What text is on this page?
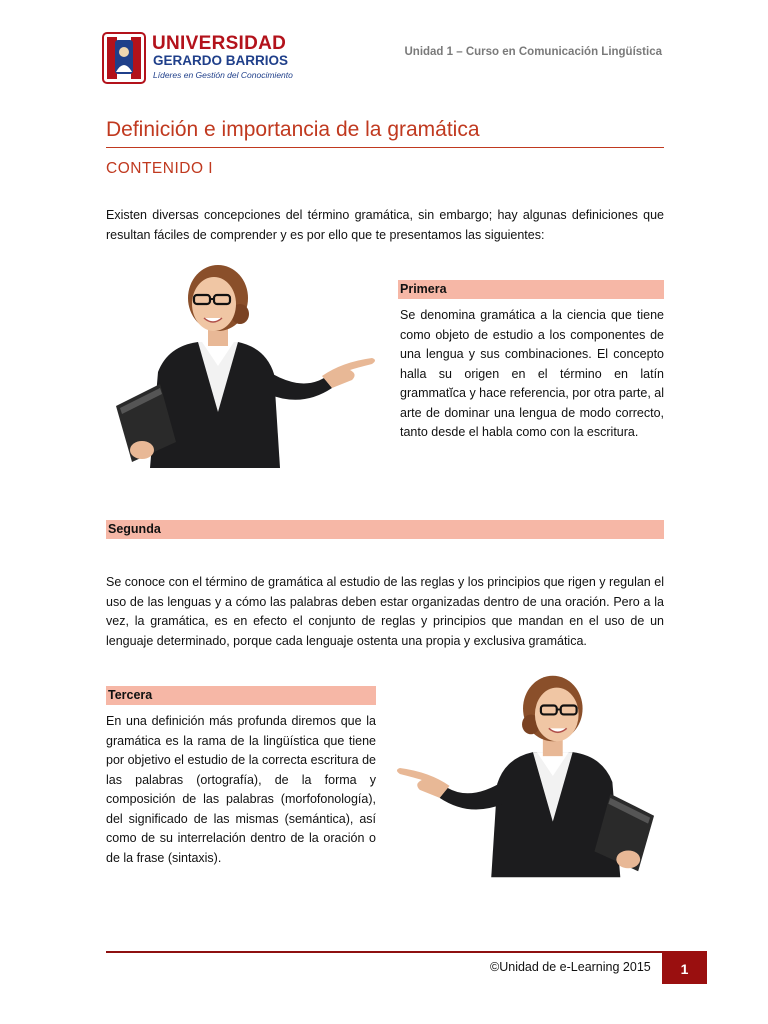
UNIVERSIDAD
GERARDO BARRIOS
Líderes en Gestión del Conocimiento
Unidad 1 – Curso en Comunicación Lingüística
Definición e importancia de la gramática
CONTENIDO I
Existen diversas concepciones del término gramática, sin embargo; hay algunas definiciones que resultan fáciles de comprender y es por ello que te presentamos las siguientes:
Primera
Se denomina gramática a la ciencia que tiene como objeto de estudio a los componentes de una lengua y sus combinaciones. El concepto halla su origen en el término en latín grammatĭca y hace referencia, por otra parte, al arte de dominar una lengua de modo correcto, tanto desde el habla como con la escritura.
Segunda
Se conoce con el término de gramática al estudio de las reglas y los principios que rigen y regulan el uso de las lenguas y a cómo las palabras deben estar organizadas dentro de una oración. Pero a la vez, la gramática, es en efecto el conjunto de reglas y principios que mandan en el uso de un lenguaje determinado, porque cada lenguaje ostenta una propia y exclusiva gramática.
Tercera
En una definición más profunda diremos que la gramática es la rama de la lingüística que tiene por objetivo el estudio de la correcta escritura de las palabras (ortografía), de la forma y composición de las palabras (morfofonología), del significado de las mismas (semántica), así como de su interrelación dentro de la oración o de la frase (sintaxis).
©Unidad de e-Learning 2015	1
